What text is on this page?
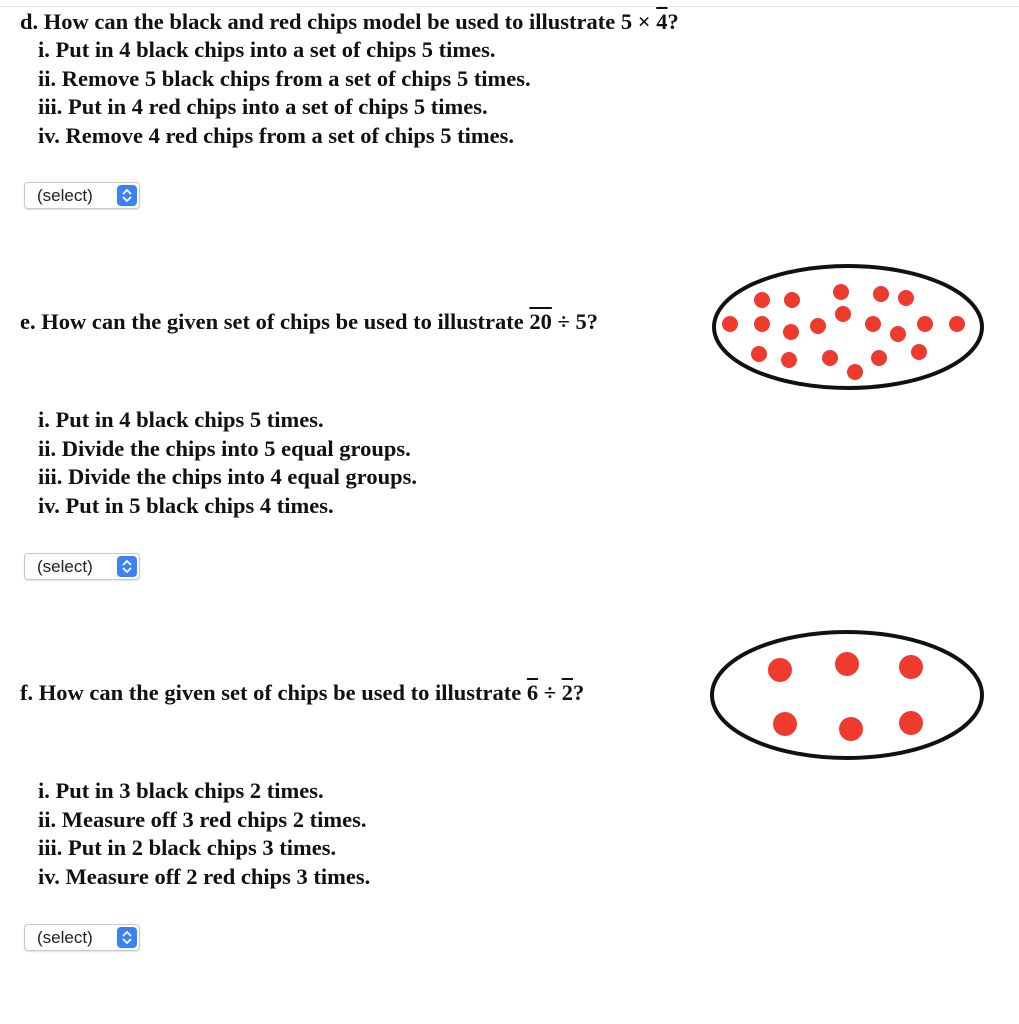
d. How can the black and red chips model be used to illustrate 5 × 4?
i. Put in 4 black chips into a set of chips 5 times.
ii. Remove 5 black chips from a set of chips 5 times.
iii. Put in 4 red chips into a set of chips 5 times.
iv. Remove 4 red chips from a set of chips 5 times.
(select)
e. How can the given set of chips be used to illustrate 20 ÷ 5?
i. Put in 4 black chips 5 times.
ii. Divide the chips into 5 equal groups.
iii. Divide the chips into 4 equal groups.
iv. Put in 5 black chips 4 times.
(select)
f. How can the given set of chips be used to illustrate 6 ÷ 2?
i. Put in 3 black chips 2 times.
ii. Measure off 3 red chips 2 times.
iii. Put in 2 black chips 3 times.
iv. Measure off 2 red chips 3 times.
(select)
